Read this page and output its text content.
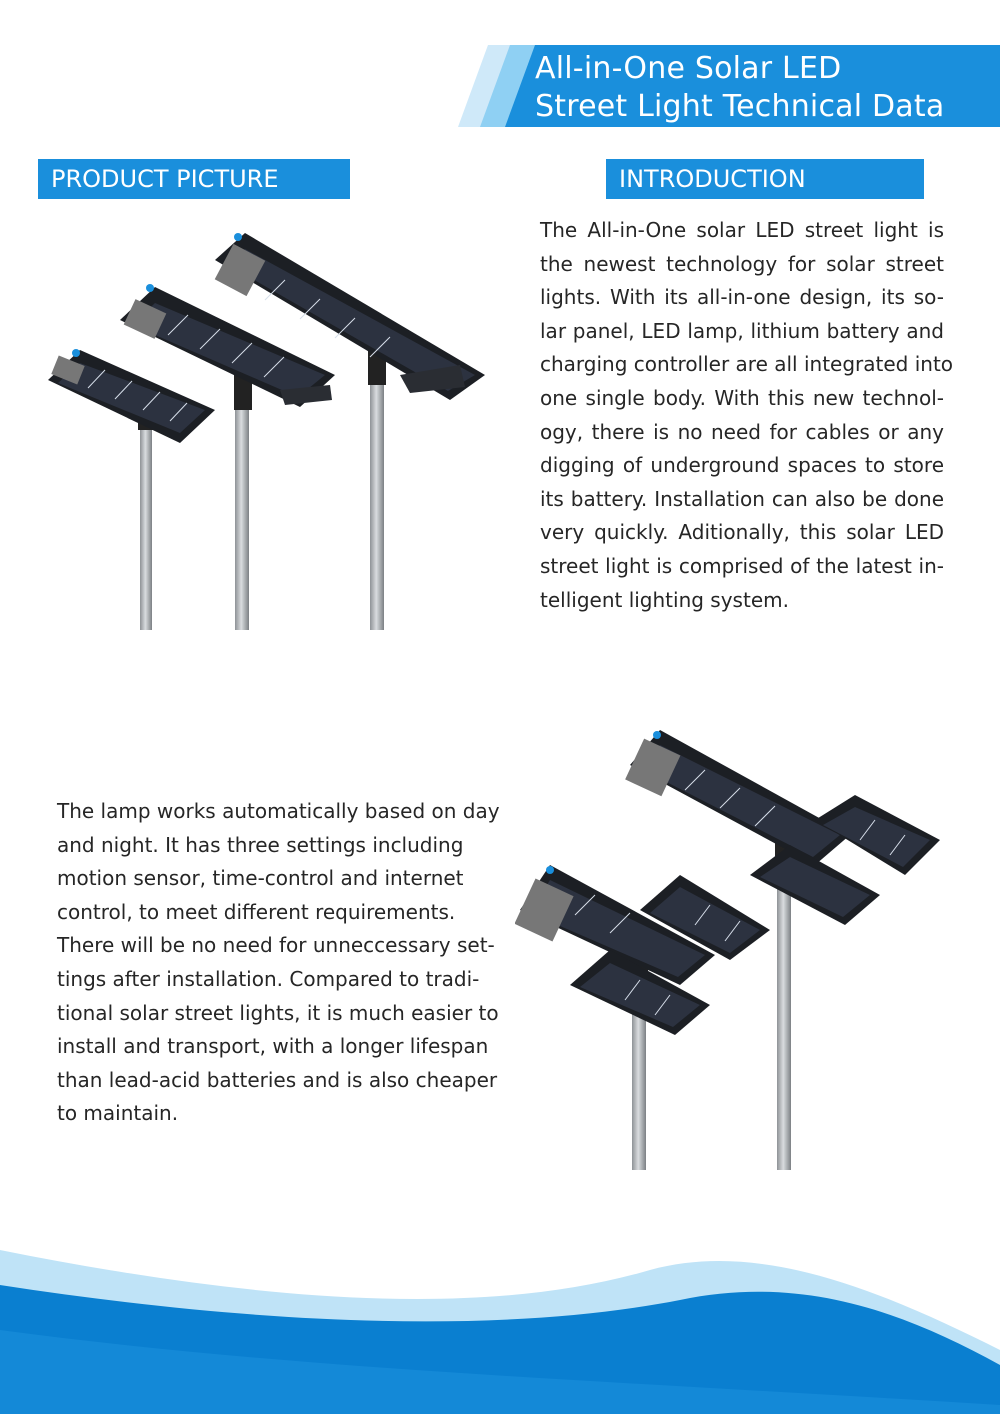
All-in-One Solar LED
Street Light Technical Data
PRODUCT PICTURE	INTRODUCTION
The All-in-One solar LED street light is
the newest technology for solar street
lights. With its all-in-one design, its so-
lar panel, LED lamp, lithium battery and
charging controller are all integrated into
one single body. With this new technol-
ogy, there is no need for cables or any
digging of underground spaces to store
its battery. Installation can also be done
very quickly. Aditionally, this solar LED
street light is comprised of the latest in-
telligent lighting system.
The lamp works automatically based on day
and night. It has three settings including
motion sensor, time-control and internet
control, to meet different requirements.
There will be no need for unneccessary set-
tings after installation. Compared to tradi-
tional solar street lights, it is much easier to
install and transport, with a longer lifespan
than lead-acid batteries and is also cheaper
to maintain.
